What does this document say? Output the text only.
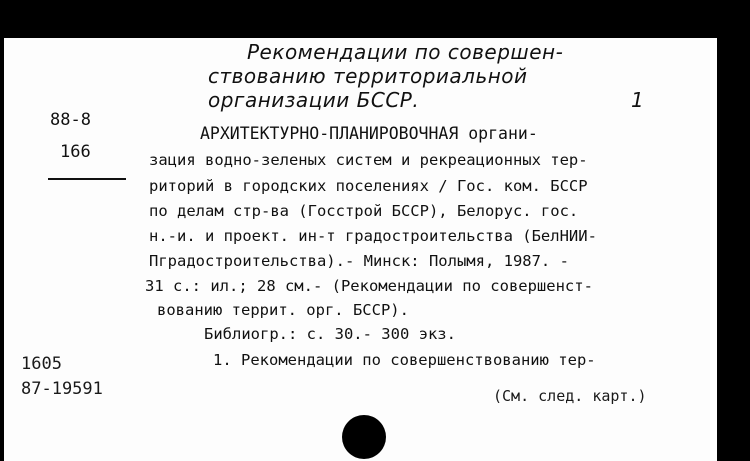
Рекомендации по совершен-
ствованию территориальной
организации БССР.	1
88-8
166
АРХИТЕКТУРНО-ПЛАНИРОВОЧНАЯ органи-
зация водно-зеленых систем и рекреационных тер-
риторий в городских поселениях / Гос. ком. БССР
по делам стр-ва (Госстрой БССР), Белорус. гос.
н.-и. и проект. ин-т градостроительства (БелНИИ-
Пградостроительства).- Минск: Полымя, 1987. -
31 с.: ил.; 28 см.- (Рекомендации по совершенст-
вованию террит. орг. БССР).
Библиогр.: с. 30.- 300 экз.
1. Рекомендации по совершенствованию тер-
1605
87-19591	(См. след. карт.)
